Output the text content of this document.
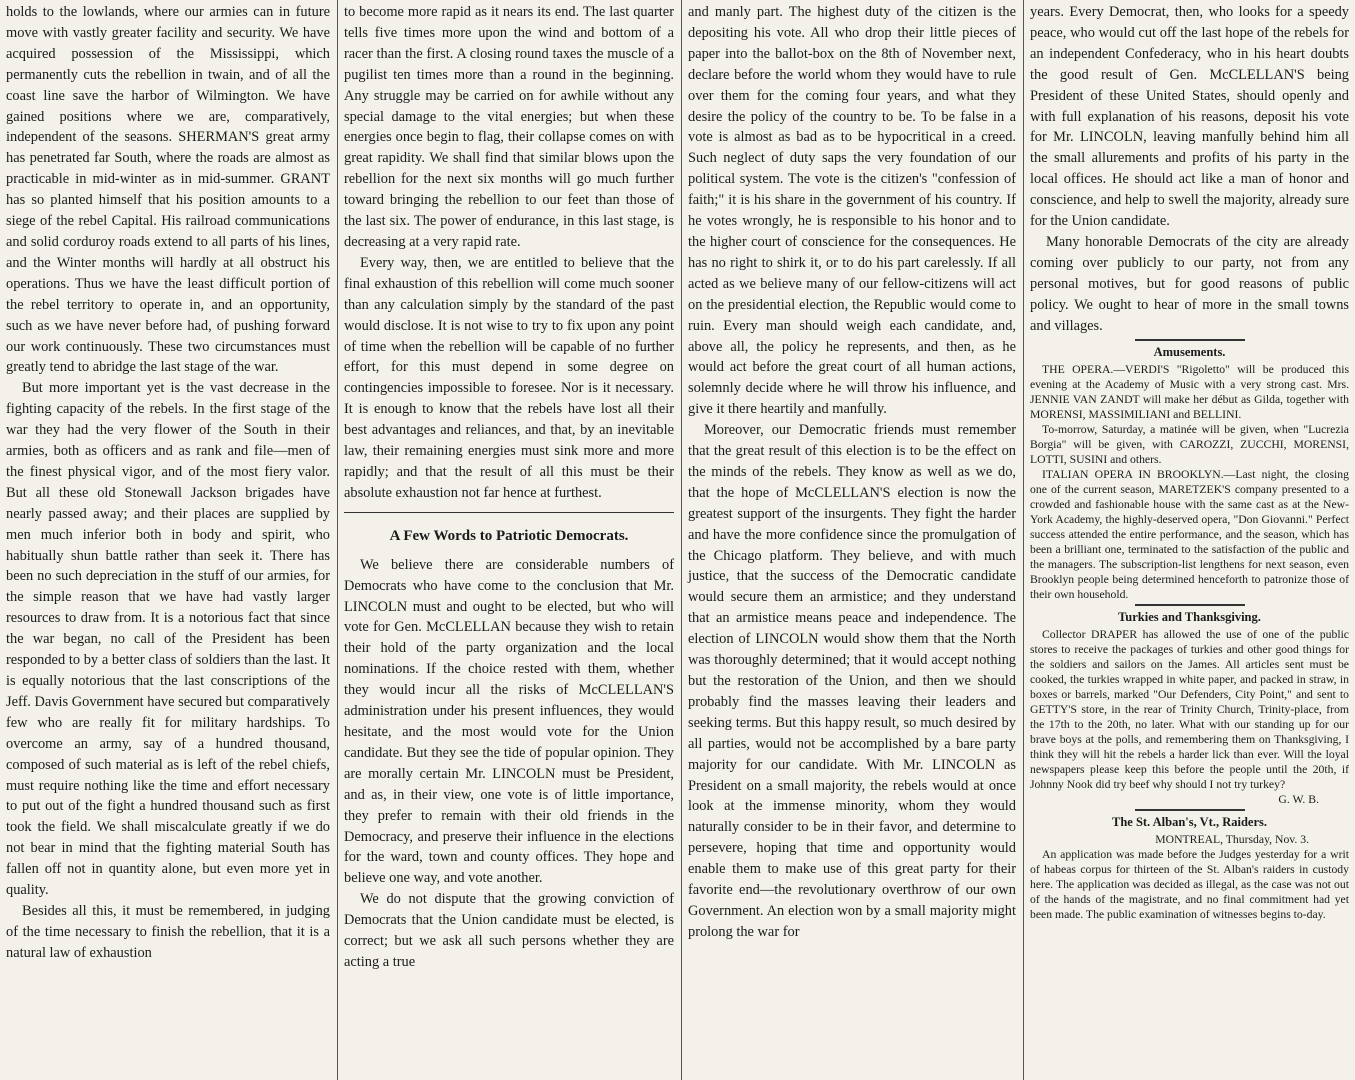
holds to the lowlands, where our armies can in future move with vastly greater facility and security. We have acquired possession of the Mississippi, which permanently cuts the rebellion in twain, and of all the coast line save the harbor of Wilmington. We have gained positions where we are, comparatively, independent of the seasons. SHERMAN'S great army has penetrated far South, where the roads are almost as practicable in mid-winter as in mid-summer. GRANT has so planted himself that his position amounts to a siege of the rebel Capital. His railroad communications and solid corduroy roads extend to all parts of his lines, and the Winter months will hardly at all obstruct his operations. Thus we have the least difficult portion of the rebel territory to operate in, and an opportunity, such as we have never before had, of pushing forward our work continuously. These two circumstances must greatly tend to abridge the last stage of the war.

But more important yet is the vast decrease in the fighting capacity of the rebels. In the first stage of the war they had the very flower of the South in their armies, both as officers and as rank and file—men of the finest physical vigor, and of the most fiery valor. But all these old Stonewall Jackson brigades have nearly passed away; and their places are supplied by men much inferior both in body and spirit, who habitually shun battle rather than seek it. There has been no such depreciation in the stuff of our armies, for the simple reason that we have had vastly larger resources to draw from. It is a notorious fact that since the war began, no call of the President has been responded to by a better class of soldiers than the last. It is equally notorious that the last conscriptions of the Jeff. Davis Government have secured but comparatively few who are really fit for military hardships. To overcome an army, say of a hundred thousand, composed of such material as is left of the rebel chiefs, must require nothing like the time and effort necessary to put out of the fight a hundred thousand such as first took the field. We shall miscalculate greatly if we do not bear in mind that the fighting material South has fallen off not in quantity alone, but even more yet in quality.

Besides all this, it must be remembered, in judging of the time necessary to finish the rebellion, that it is a natural law of exhaustion

to become more rapid as it nears its end. The last quarter tells five times more upon the wind and bottom of a racer than the first. A closing round taxes the muscle of a pugilist ten times more than a round in the beginning. Any struggle may be carried on for awhile without any special damage to the vital energies; but when these energies once begin to flag, their collapse comes on with great rapidity. We shall find that similar blows upon the rebellion for the next six months will go much further toward bringing the rebellion to our feet than those of the last six. The power of endurance, in this last stage, is decreasing at a very rapid rate.

Every way, then, we are entitled to believe that the final exhaustion of this rebellion will come much sooner than any calculation simply by the standard of the past would disclose. It is not wise to try to fix upon any point of time when the rebellion will be capable of no further effort, for this must depend in some degree on contingencies impossible to foresee. Nor is it necessary. It is enough to know that the rebels have lost all their best advantages and reliances, and that, by an inevitable law, their remaining energies must sink more and more rapidly; and that the result of all this must be their absolute exhaustion not far hence at furthest.

A Few Words to Patriotic Democrats.

We believe there are considerable numbers of Democrats who have come to the conclusion that Mr. LINCOLN must and ought to be elected, but who will vote for Gen. McCLELLAN because they wish to retain their hold of the party organization and the local nominations. If the choice rested with them, whether they would incur all the risks of McCLELLAN'S administration under his present influences, they would hesitate, and the most would vote for the Union candidate. But they see the tide of popular opinion. They are morally certain Mr. LINCOLN must be President, and as, in their view, one vote is of little importance, they prefer to remain with their old friends in the Democracy, and preserve their influence in the elections for the ward, town and county offices. They hope and believe one way, and vote another.

We do not dispute that the growing conviction of Democrats that the Union candidate must be elected, is correct; but we ask all such persons whether they are acting a true

and manly part. The highest duty of the citizen is the depositing his vote. All who drop their little pieces of paper into the ballot-box on the 8th of November next, declare before the world whom they would have to rule over them for the coming four years, and what they desire the policy of the country to be. To be false in a vote is almost as bad as to be hypocritical in a creed. Such neglect of duty saps the very foundation of our political system. The vote is the citizen's "confession of faith;" it is his share in the government of his country. If he votes wrongly, he is responsible to his honor and to the higher court of conscience for the consequences. He has no right to shirk it, or to do his part carelessly. If all acted as we believe many of our fellow-citizens will act on the presidential election, the Republic would come to ruin. Every man should weigh each candidate, and, above all, the policy he represents, and then, as he would act before the great court of all human actions, solemnly decide where he will throw his influence, and give it there heartily and manfully.

Moreover, our Democratic friends must remember that the great result of this election is to be the effect on the minds of the rebels. They know as well as we do, that the hope of McCLELLAN'S election is now the greatest support of the insurgents. They fight the harder and have the more confidence since the promulgation of the Chicago platform. They believe, and with much justice, that the success of the Democratic candidate would secure them an armistice; and they understand that an armistice means peace and independence. The election of LINCOLN would show them that the North was thoroughly determined; that it would accept nothing but the restoration of the Union, and then we should probably find the masses leaving their leaders and seeking terms. But this happy result, so much desired by all parties, would not be accomplished by a bare party majority for our candidate. With Mr. LINCOLN as President on a small majority, the rebels would at once look at the immense minority, whom they would naturally consider to be in their favor, and determine to persevere, hoping that time and opportunity would enable them to make use of this great party for their favorite end—the revolutionary overthrow of our own Government. An election won by a small majority might prolong the war for

years. Every Democrat, then, who looks for a speedy peace, who would cut off the last hope of the rebels for an independent Confederacy, who in his heart doubts the good result of Gen. McCLELLAN'S being President of these United States, should openly and with full explanation of his reasons, deposit his vote for Mr. LINCOLN, leaving manfully behind him all the small allurements and profits of his party in the local offices. He should act like a man of honor and conscience, and help to swell the majority, already sure for the Union candidate.

Many honorable Democrats of the city are already coming over publicly to our party, not from any personal motives, but for good reasons of public policy. We ought to hear of more in the small towns and villages.

Amusements.

THE OPERA.—VERDI'S "Rigoletto" will be produced this evening at the Academy of Music with a very strong cast. Mrs. JENNIE VAN ZANDT will make her début as Gilda, together with MORENSI, MASSIMILIANI and BELLINI.

To-morrow, Saturday, a matinée will be given, when "Lucrezia Borgia" will be given, with CAROZZI, ZUCCHI, MORENSI, LOTTI, SUSINI and others.

ITALIAN OPERA IN BROOKLYN.—Last night, the closing one of the current season, MARETZEK'S company presented to a crowded and fashionable house with the same cast as at the New-York Academy, the highly-deserved opera, "Don Giovanni." Perfect success attended the entire performance, and the season, which has been a brilliant one, terminated to the satisfaction of the public and the managers. The subscription-list lengthens for next season, even Brooklyn people being determined henceforth to patronize those of their own household.

Turkies and Thanksgiving.

Collector DRAPER has allowed the use of one of the public stores to receive the packages of turkies and other good things for the soldiers and sailors on the James. All articles sent must be cooked, the turkies wrapped in white paper, and packed in straw, in boxes or barrels, marked "Our Defenders, City Point," and sent to GETTY'S store, in the rear of Trinity Church, Trinity-place, from the 17th to the 20th, no later. What with our standing up for our brave boys at the polls, and remembering them on Thanksgiving, I think they will hit the rebels a harder lick than ever. Will the loyal newspapers please keep this before the people until the 20th, if Johnny Nook did try beef why should I not try turkey?

G. W. B.
The St. Alban's, Vt., Raiders.
MONTREAL, Thursday, Nov. 3.

An application was made before the Judges yesterday for a writ of habeas corpus for thirteen of the St. Alban's raiders in custody here. The application was decided as illegal, as the case was not out of the hands of the magistrate, and no final commitment had yet been made. The public examination of witnesses begins to-day.
